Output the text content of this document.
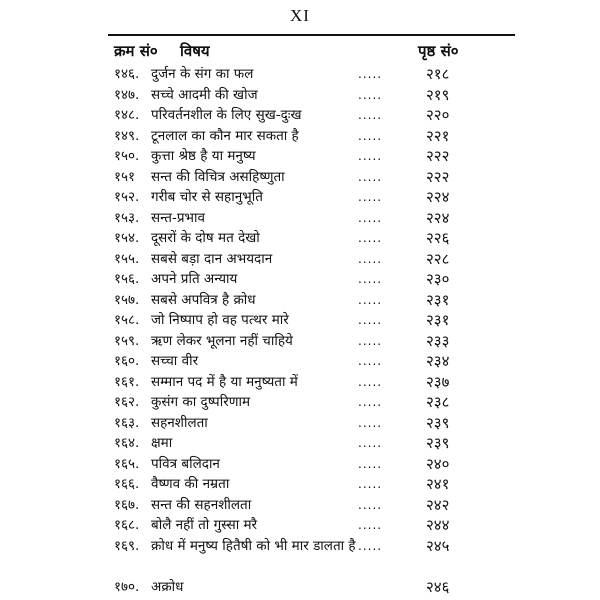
XI
क्रम सं० विषय	पृष्ठ सं०
१४६. दुर्जन के संग का फल	.....	२१८
१४७. सच्चे आदमी की खोज	.....	२१९
१४८. परिवर्तनशील के लिए सुख-दुःख	.....	२२०
१४९. टूनलाल का कौन मार सकता है	.....	२२१
१५०. कुत्ता श्रेष्ठ है या मनुष्य	.....	२२२
१५१ सन्त की विचित्र असहिष्णुता	.....	२२२
१५२. गरीब चोर से सहानुभूति	.....	२२४
१५३. सन्त-प्रभाव	.....	२२४
१५४. दूसरों के दोष मत देखो	.....	२२६
१५५. सबसे बड़ा दान अभयदान	.....	२२८
१५६. अपने प्रति अन्याय	.....	२३०
१५७. सबसे अपवित्र है क्रोध	.....	२३१
१५८. जो निष्पाप हो वह पत्थर मारे	.....	२३१
१५९. ऋण लेकर भूलना नहीं चाहिये	.....	२३३
१६०. सच्चा वीर	.....	२३४
१६१. सम्मान पद में है या मनुष्यता में	.....	२३७
१६२. कुसंग का दुष्परिणाम	.....	२३८
१६३. सहनशीलता	.....	२३९
१६४. क्षमा	.....	२३९
१६५. पवित्र बलिदान	.....	२४०
१६६. वैष्णव की नम्रता	.....	२४१
१६७. सन्त की सहनशीलता	.....	२४२
१६८. बोलै नहीं तो गुस्सा मरै	.....	२४४
१६९. क्रोध में मनुष्य हितैषी को भी मार डालता है .....	२४५
१७०. अक्रोध	२४६
